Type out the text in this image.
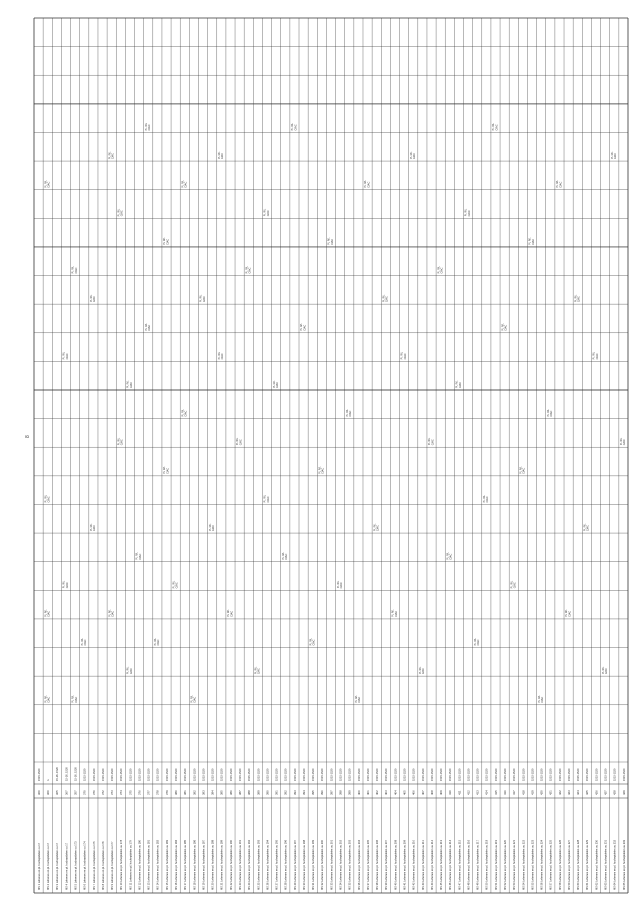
MS 1 Lehenes en pl. hochepidelen ou 17
360
1515-1520
MS 2 Lehenes en pl. hochepidelen ou 17
360
n
MS 3 Lehenes en pl. hochepidelen ou 17
365
15-16..1520
MS 4 Lehenes en pl. hochepidelen ou 17
367
15-16..1520
MS 5 Lehenes en pl. hochepidelen ou 173
357
15-16..1520
MS 6 Lehenes en pl. hochepidelen ou 174
370
1515-1520
MS 7 Lehenes en pl. hochepidelen ou 175
370
1515-1520
MS 8 Lehenes en pl. hochepidelen ou 176
372
1515-1520
MS 9 Lehenes en pl. hochepidelen ou 177
373
1515-1520
MS 10 Lehenes en pl. hochepidelen ou 178
374
1515-1520
MS 11 Lehenes en pl. hochepidelen ou 179
375
1515-1520
MS 12 Lehenes en pl. hochepidelen ou 180
376
1515-1520
MS 13 Lehenes en pl. hochepidelen ou 181
377
1515-1520
MS 14 Lehenes en pl. hochepidelen ou 182
378
1515-1520
MS 15 Lehenes en pl. hochepidelen ou 183
379
1515-1520
MS 16 Lehenes en pl. hochepidelen ou 184
380
1515-1520
MS 17 Lehenes en pl. hochepidelen ou 185
381
1515-1520
MS 18 Lehenes en pl. hochepidelen ou 186
382
1515-1520
MS 19 Lehenes en pl. hochepidelen ou 187
383
1515-1520
MS 20 Lehenes en pl. hochepidelen ou 188
384
1515-1520
MS 21 Lehenes en pl. hochepidelen ou 189
385
1515-1520
MS 22 Lehenes en pl. hochepidelen ou 190
386
1515-1520
MS 23 Lehenes en pl. hochepidelen ou 191
387
1515-1520
MS 24 Lehenes en pl. hochepidelen ou 192
388
1515-1520
MS 25 Lehenes en pl. hochepidelen ou 193
389
1515-1520
MS 26 Lehenes en pl. hochepidelen ou 194
390
1515-1520
MS 27 Lehenes en pl. hochepidelen ou 195
391
1515-1520
MS 28 Lehenes en pl. hochepidelen ou 196
392
1515-1520
MS 29 Lehenes en pl. hochepidelen ou 197
393
1515-1520
MS 30 Lehenes en pl. hochepidelen ou 198
394
1515-1520
MS 31 Lehenes en pl. hochepidelen ou 199
395
1515-1520
MS 32 Lehenes en pl. hochepidelen ou 200
396
1515-1520
MS 33 Lehenes en pl. hochepidelen ou 201
397
1515-1520
MS 34 Lehenes en pl. hochepidelen ou 202
398
1515-1520
MS 35 Lehenes en pl. hochepidelen ou 203
399
1515-1520
MS 36 Lehenes en pl. hochepidelen ou 204
400
1515-1520
MS 37 Lehenes en pl. hochepidelen ou 205
401
1515-1520
MS 38 Lehenes en pl. hochepidelen ou 206
402
1515-1520
MS 39 Lehenes en pl. hochepidelen ou 207
403
1515-1520
MS 40 Lehenes en pl. hochepidelen ou 208
404
1515-1520
MS 41 Lehenes en pl. hochepidelen ou 209
405
1515-1520
MS 42 Lehenes en pl. hochepidelen ou 210
406
1515-1520
MS 43 Lehenes en pl. hochepidelen ou 211
407
1515-1520
MS 44 Lehenes en pl. hochepidelen ou 212
408
1515-1520
MS 45 Lehenes en pl. hochepidelen ou 213
409
1515-1520
MS 46 Lehenes en pl. hochepidelen ou 214
410
1515-1520
MS 47 Lehenes en pl. hochepidelen ou 215
411
1515-1520
MS 48 Lehenes en pl. hochepidelen ou 216
412
1515-1520
MS 49 Lehenes en pl. hochepidelen ou 217
413
1515-1520
MS 50 Lehenes en pl. hochepidelen ou 218
414
1515-1520
MS 51 Lehenes en pl. hochepidelen ou 219
415
1515-1520
MS 52 Lehenes en pl. hochepidelen ou 220
416
1515-1520
MS 53 Lehenes en pl. hochepidelen ou 221
417
1515-1520
MS 54 Lehenes en pl. hochepidelen ou 222
418
1515-1520
MS 55 Lehenes en pl. hochepidelen ou 223
419
1515-1520
MS 56 Lehenes en pl. hochepidelen ou 224
420
1515-1520
MS 57 Lehenes en pl. hochepidelen ou 225
421
1515-1520
MS 58 Lehenes en pl. hochepidelen ou 226
422
1515-1520
MS 59 Lehenes en pl. hochepidelen ou 227
423
1515-1520
MS 60 Lehenes en pl. hochepidelen ou 228
424
1515-1520
MS 61 Lehenes en pl. hochepidelen ou 229
425
1515-1520
MS 62 Lehenes en pl. hochepidelen ou 230
426
1515-1520
MS 63 Lehenes en pl. hochepidelen ou 231
427
1515-1520
MS 64 Lehenes en pl. hochepidelen ou 232
428
1515-1520
MS 65 Lehenes en pl. hochepidelen ou 233
429
1515-1520
PL R/L C/AC
PL R/L C/AC
PL R/L C/AC
PL R/L C/AC
PL R/L C/AC
PL R/L C/AC
PL R/L C/AC
PL R/L C/AC
PL R/L C/AC
PL R/L C/AC
PL R/L C/AC
PL R/L C/AC
PL R/L C/AC
PL R/L C/AC
PL R/L C/AC
PL R/L C/AC
PL R/L C/AC
PL R/L C/AC
PL R/L C/AC
PL R/L C/AC
PL R/L C/AC
PL R/L C/AC
PL R/L C/AC
PL R/L C/AC
PL R/L C/AC
PL R/L C/AC
PL R/L C/AC
PL R/L C/AC
PL R/L C/AC
PL R/L C/AC
PL R/L C/AC
PL R/L C/AC
PL R/L C/AC
PL R/L C/AC
PL R/L C/AC
PL R/L C/AC
PL R/L C/AC
PL R/L C/AC
PL R/L C/AC
PL R/L C/AC
PL R/L C/AC
PL R/L C/AC
PL R/L C/AC
PL R/L C/AC
PL R/L C/AC
PL R/L C/AC
PL R/L C/AC
PL R/L C/AC
PL R/L C/AC
PL R/L C/AC
PL R/L C/AC
PL R/L C/AC
PL R/L C/AC
PL R/L C/AC
PL R/L C/AC
PL R/L C/AC
PL R/L C/AC
PL R/L C/AC
PL R/L C/AC
PL R/L C/AC
PL R/L C/AC
PL R/L C/AC
PL R/L C/AC
PL R/L C/AC
PL R/L C/AC
PL R/L C/AC
PL R/L C/AC
PL R/L C/AC
PL R/L C/AC
PL R/L C/AC
PL R/L C/AC
PL R/L C/AC
PL R/L C/AC
PL R/L C/AC
PL R/L C/AC
PL R/L C/AC
8
